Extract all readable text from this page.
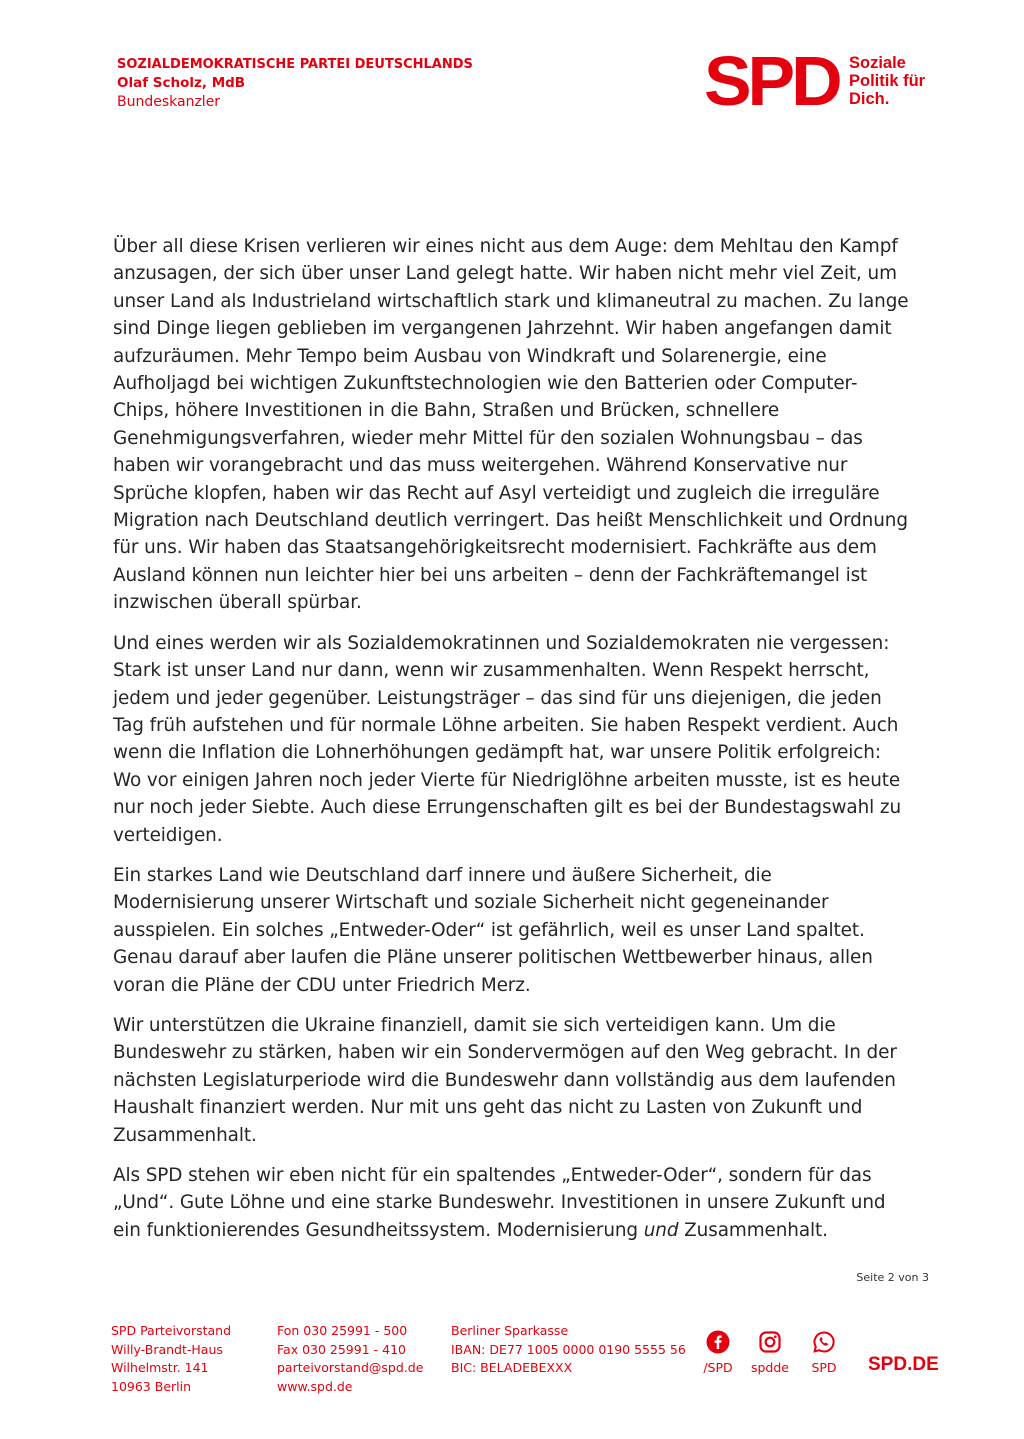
SOZIALDEMOKRATISCHE PARTEI DEUTSCHLANDS
Olaf Scholz, MdB
Bundeskanzler	SPD Soziale
Politik für
Dich.

Über all diese Krisen verlieren wir eines nicht aus dem Auge: dem Mehltau den Kampf anzusagen, der sich über unser Land gelegt hatte. Wir haben nicht mehr viel Zeit, um unser Land als Industrieland wirtschaftlich stark und klimaneutral zu machen. Zu lange sind Dinge liegen geblieben im vergangenen Jahrzehnt. Wir haben angefangen damit aufzuräumen. Mehr Tempo beim Ausbau von Windkraft und Solarenergie, eine Aufholjagd bei wichtigen Zukunftstechnologien wie den Batterien oder Computer-Chips, höhere Investitionen in die Bahn, Straßen und Brücken, schnellere Genehmigungsverfahren, wieder mehr Mittel für den sozialen Wohnungsbau – das haben wir vorangebracht und das muss weitergehen. Während Konservative nur Sprüche klopfen, haben wir das Recht auf Asyl verteidigt und zugleich die irreguläre Migration nach Deutschland deutlich verringert. Das heißt Menschlichkeit und Ordnung für uns. Wir haben das Staatsangehörigkeitsrecht modernisiert. Fachkräfte aus dem Ausland können nun leichter hier bei uns arbeiten – denn der Fachkräftemangel ist inzwischen überall spürbar.

Und eines werden wir als Sozialdemokratinnen und Sozialdemokraten nie vergessen: Stark ist unser Land nur dann, wenn wir zusammenhalten. Wenn Respekt herrscht, jedem und jeder gegenüber. Leistungsträger – das sind für uns diejenigen, die jeden Tag früh aufstehen und für normale Löhne arbeiten. Sie haben Respekt verdient. Auch wenn die Inflation die Lohnerhöhungen gedämpft hat, war unsere Politik erfolgreich: Wo vor einigen Jahren noch jeder Vierte für Niedriglöhne arbeiten musste, ist es heute nur noch jeder Siebte. Auch diese Errungenschaften gilt es bei der Bundestagswahl zu verteidigen.

Ein starkes Land wie Deutschland darf innere und äußere Sicherheit, die Modernisierung unserer Wirtschaft und soziale Sicherheit nicht gegeneinander ausspielen. Ein solches „Entweder-Oder“ ist gefährlich, weil es unser Land spaltet. Genau darauf aber laufen die Pläne unserer politischen Wettbewerber hinaus, allen voran die Pläne der CDU unter Friedrich Merz.

Wir unterstützen die Ukraine finanziell, damit sie sich verteidigen kann. Um die Bundeswehr zu stärken, haben wir ein Sondervermögen auf den Weg gebracht. In der nächsten Legislaturperiode wird die Bundeswehr dann vollständig aus dem laufenden Haushalt finanziert werden. Nur mit uns geht das nicht zu Lasten von Zukunft und Zusammenhalt.

Als SPD stehen wir eben nicht für ein spaltendes „Entweder-Oder“, sondern für das „Und“. Gute Löhne und eine starke Bundeswehr. Investitionen in unsere Zukunft und ein funktionierendes Gesundheitssystem. Modernisierung und Zusammenhalt.

Seite 2 von 3
SPD Parteivorstand
Willy-Brandt-Haus
Wilhelmstr. 141
10963 Berlin
Fon 030 25991 - 500
Fax 030 25991 - 410
parteivorstand@spd.de
www.spd.de
Berliner Sparkasse
IBAN: DE77 1005 0000 0190 5555 56
BIC: BELADEBEXXX	/SPD spdde	SPD SPD.DE
